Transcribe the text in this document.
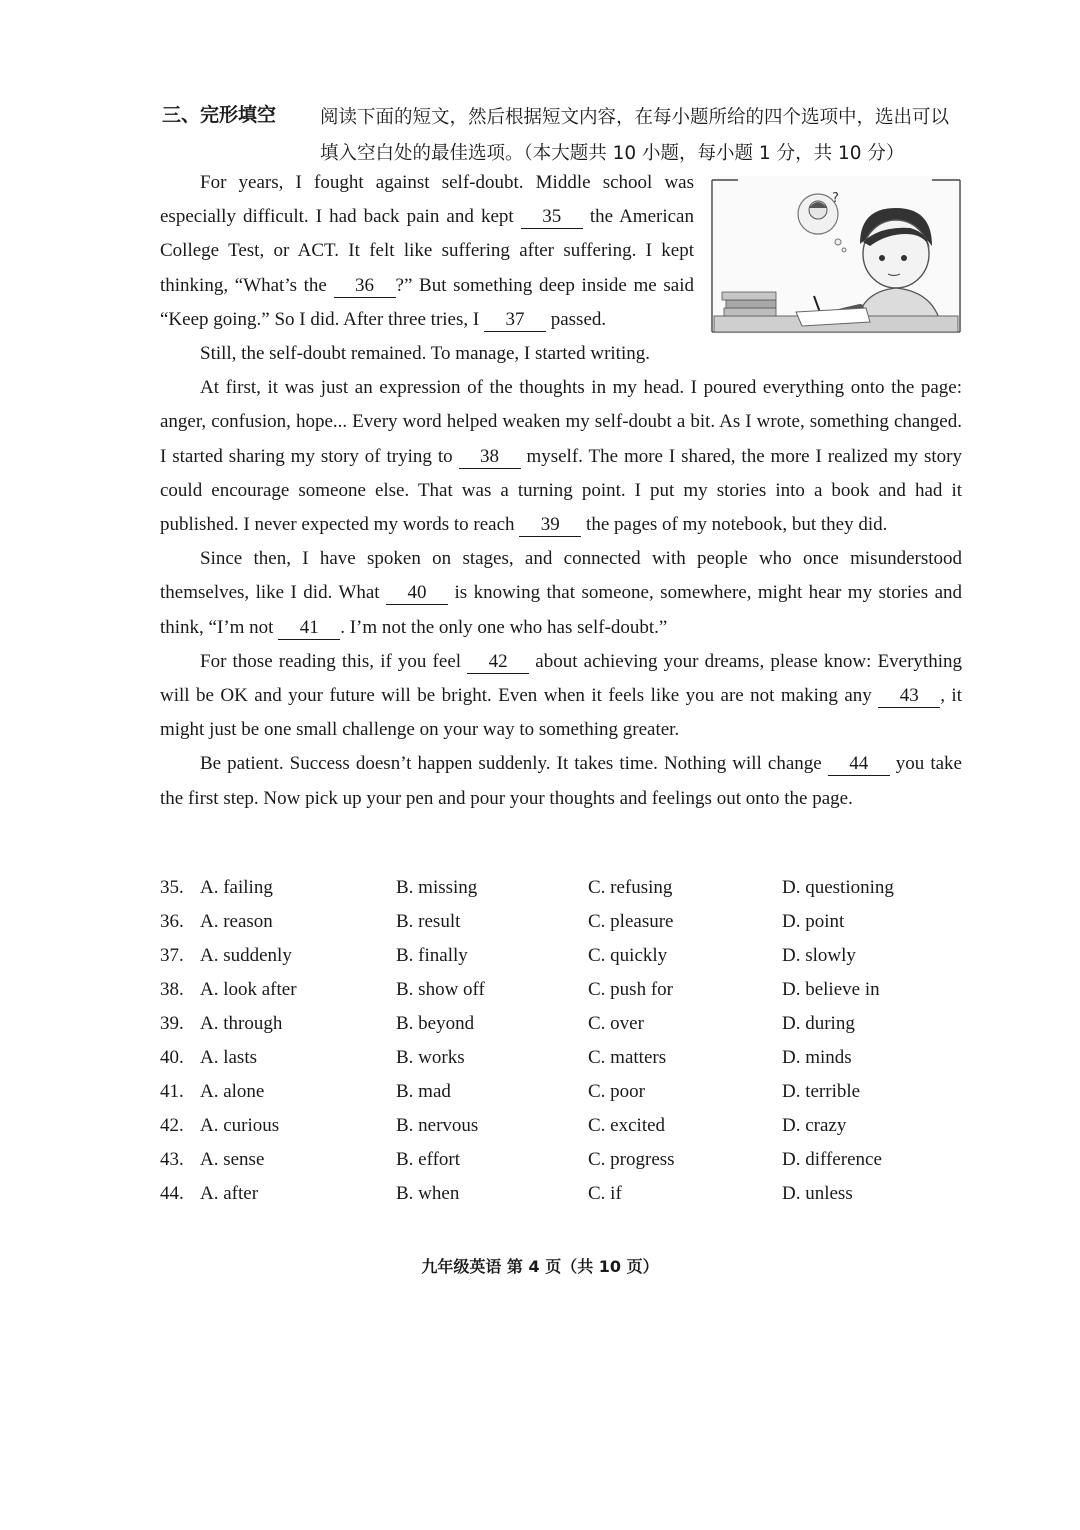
三、完形填空 阅读下面的短文，然后根据短文内容，在每小题所给的四个选项中，选出可以填入空白处的最佳选项。（本大题共 10 小题，每小题 1 分，共 10 分）
?

For years, I fought against self-doubt. Middle school was especially difficult. I had back pain and kept 35 the American College Test, or ACT. It felt like suffering after suffering. I kept thinking, “What’s the 36 ?” But something deep inside me said “Keep going.” So I did. After three tries, I 37 passed.

Still, the self-doubt remained. To manage, I started writing.

At first, it was just an expression of the thoughts in my head. I poured everything onto the page: anger, confusion, hope... Every word helped weaken my self-doubt a bit. As I wrote, something changed. I started sharing my story of trying to 38 myself. The more I shared, the more I realized my story could encourage someone else. That was a turning point. I put my stories into a book and had it published. I never expected my words to reach 39 the pages of my notebook, but they did.

Since then, I have spoken on stages, and connected with people who once misunderstood themselves, like I did. What 40 is knowing that someone, somewhere, might hear my stories and think, “I’m not 41 . I’m not the only one who has self-doubt.”

For those reading this, if you feel 42 about achieving your dreams, please know: Everything will be OK and your future will be bright. Even when it feels like you are not making any 43 , it might just be one small challenge on your way to something greater.

Be patient. Success doesn’t happen suddenly. It takes time. Nothing will change 44 you take the first step. Now pick up your pen and pour your thoughts and feelings out onto the page.

35. A. failing	B. missing	C. refusing	D. questioning
36. A. reason	B. result	C. pleasure	D. point
37. A. suddenly	B. finally	C. quickly	D. slowly
38. A. look after	B. show off	C. push for	D. believe in
39. A. through	B. beyond	C. over	D. during
40. A. lasts	B. works	C. matters	D. minds
41. A. alone	B. mad	C. poor	D. terrible
42. A. curious	B. nervous	C. excited	D. crazy
43. A. sense	B. effort	C. progress	D. difference
44. A. after	B. when	C. if	D. unless
九年级英语 第 4 页（共 10 页）
